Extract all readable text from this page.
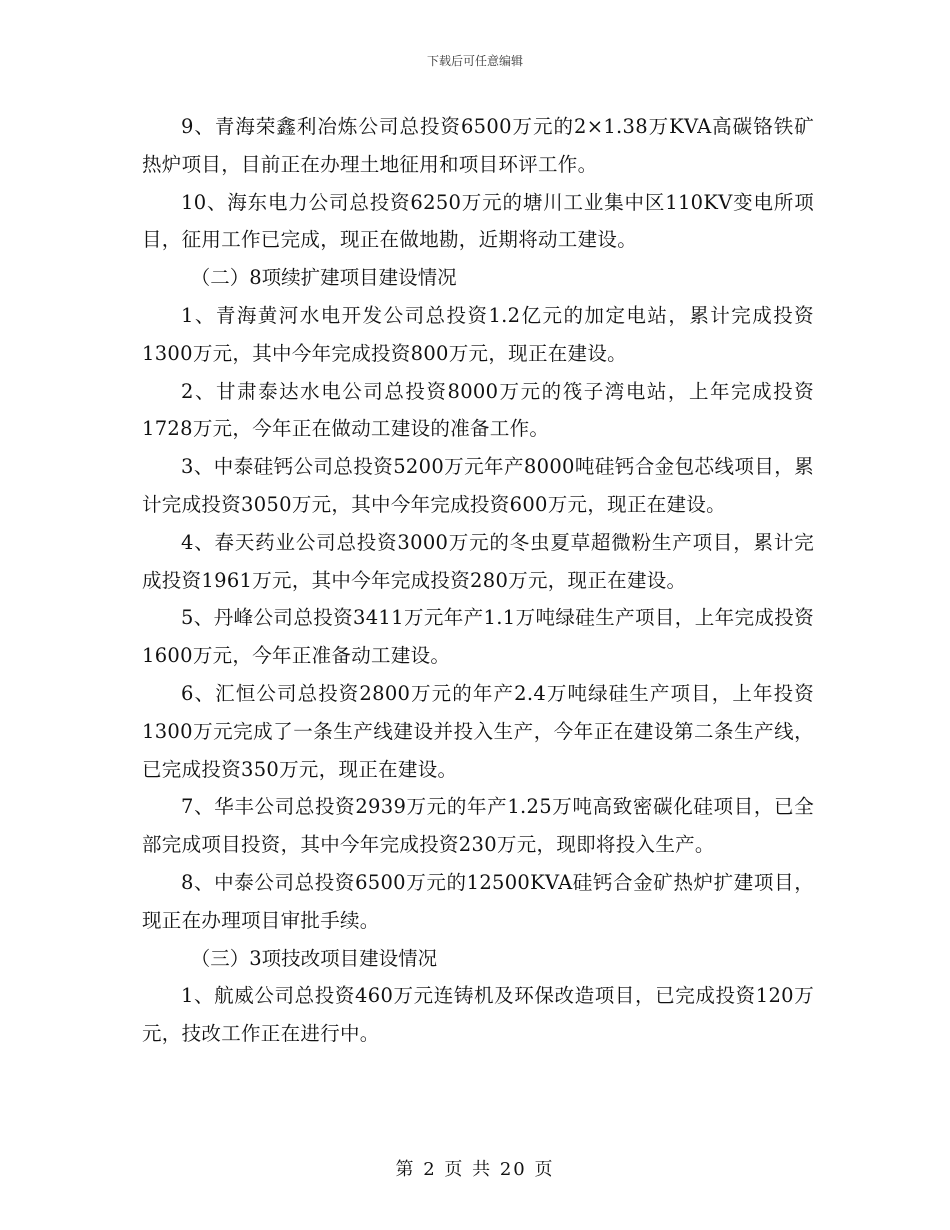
下载后可任意编辑

9、青海荣鑫利冶炼公司总投资6500万元的2×1.38万KVA高碳铬铁矿热炉项目，目前正在办理土地征用和项目环评工作。

10、海东电力公司总投资6250万元的塘川工业集中区110KV变电所项目，征用工作已完成，现正在做地勘，近期将动工建设。

（二）8项续扩建项目建设情况

1、青海黄河水电开发公司总投资1.2亿元的加定电站，累计完成投资1300万元，其中今年完成投资800万元，现正在建设。

2、甘肃泰达水电公司总投资8000万元的筏子湾电站，上年完成投资1728万元，今年正在做动工建设的准备工作。

3、中泰硅钙公司总投资5200万元年产8000吨硅钙合金包芯线项目，累计完成投资3050万元，其中今年完成投资600万元，现正在建设。

4、春天药业公司总投资3000万元的冬虫夏草超微粉生产项目，累计完成投资1961万元，其中今年完成投资280万元，现正在建设。

5、丹峰公司总投资3411万元年产1.1万吨绿硅生产项目，上年完成投资1600万元，今年正准备动工建设。

6、汇恒公司总投资2800万元的年产2.4万吨绿硅生产项目，上年投资1300万元完成了一条生产线建设并投入生产，今年正在建设第二条生产线，已完成投资350万元，现正在建设。

7、华丰公司总投资2939万元的年产1.25万吨高致密碳化硅项目，已全部完成项目投资，其中今年完成投资230万元，现即将投入生产。

8、中泰公司总投资6500万元的12500KVA硅钙合金矿热炉扩建项目，现正在办理项目审批手续。

（三）3项技改项目建设情况

1、航威公司总投资460万元连铸机及环保改造项目，已完成投资120万元，技改工作正在进行中。

第 2 页 共 20 页
